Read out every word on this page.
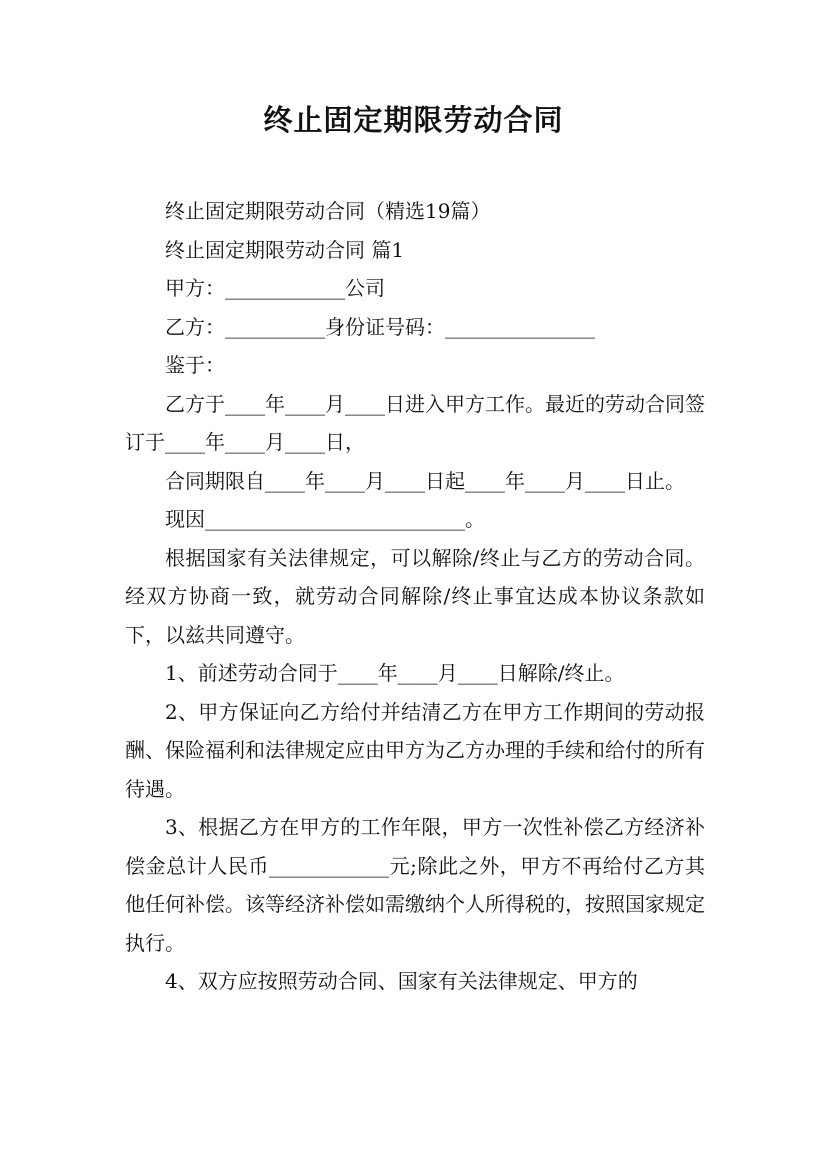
终止固定期限劳动合同

终止固定期限劳动合同（精选19篇）

终止固定期限劳动合同 篇1

甲方：____________公司

乙方：__________身份证号码：_______________

鉴于：

乙方于____年____月____日进入甲方工作。最近的劳动合同签订于____年____月____日，

合同期限自____年____月____日起____年____月____日止。

现因__________________________。

根据国家有关法律规定，可以解除/终止与乙方的劳动合同。经双方协商一致，就劳动合同解除/终止事宜达成本协议条款如下，以兹共同遵守。

1、前述劳动合同于____年____月____日解除/终止。

2、甲方保证向乙方给付并结清乙方在甲方工作期间的劳动报酬、保险福利和法律规定应由甲方为乙方办理的手续和给付的所有待遇。

3、根据乙方在甲方的工作年限，甲方一次性补偿乙方经济补偿金总计人民币____________元;除此之外，甲方不再给付乙方其他任何补偿。该等经济补偿如需缴纳个人所得税的，按照国家规定执行。

4、双方应按照劳动合同、国家有关法律规定、甲方的
